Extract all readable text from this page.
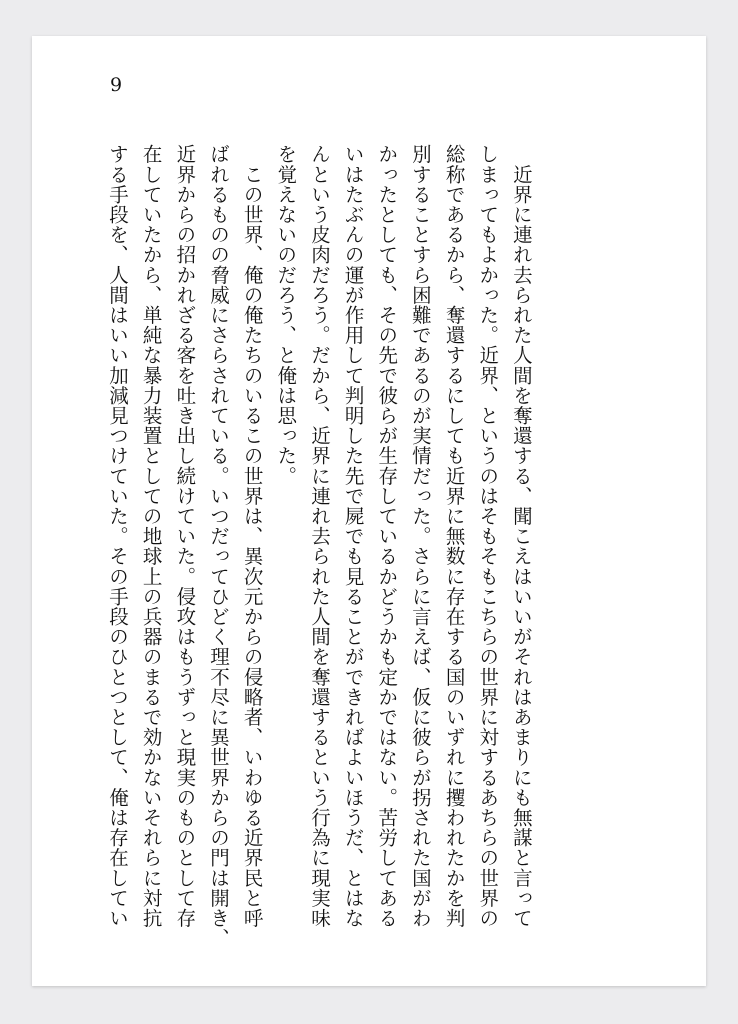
9
　近界に連れ去られた人間を奪還する、聞こえはいいがそれはあまりにも無謀と言って
しまってもよかった。近界、というのはそもそもこちらの世界に対するあちらの世界の
総称であるから、奪還するにしても近界に無数に存在する国のいずれに攫われたかを判
別することすら困難であるのが実情だった。さらに言えば、仮に彼らが拐された国がわ
かったとしても、その先で彼らが生存しているかどうかも定かではない。苦労してある
いはたぶんの運が作用して判明した先で屍でも見ることができればよいほうだ、とはな
んという皮肉だろう。だから、近界に連れ去られた人間を奪還するという行為に現実味
を覚えないのだろう、と俺は思った。
　この世界、俺の俺たちのいるこの世界は、異次元からの侵略者、いわゆる近界民と呼
ばれるものの脅威にさらされている。いつだってひどく理不尽に異世界からの門は開き、
近界からの招かれざる客を吐き出し続けていた。侵攻はもうずっと現実のものとして存
在していたから、単純な暴力装置としての地球上の兵器のまるで効かないそれらに対抗
する手段を、人間はいい加減見つけていた。その手段のひとつとして、俺は存在してい
